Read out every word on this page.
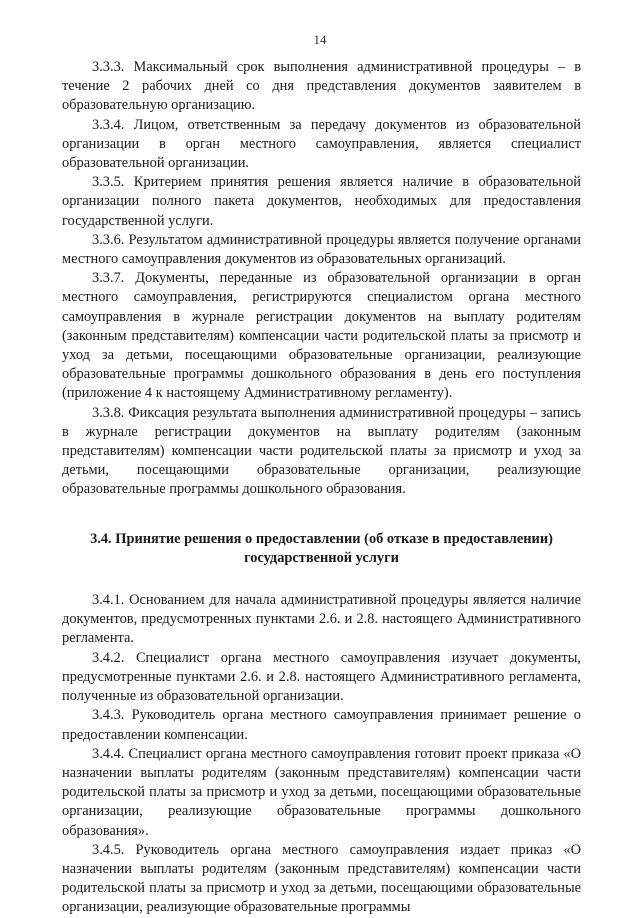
14

3.3.3. Максимальный срок выполнения административной процедуры – в течение 2 рабочих дней со дня представления документов заявителем в образовательную организацию.

3.3.4. Лицом, ответственным за передачу документов из образовательной организации в орган местного самоуправления, является специалист образовательной организации.

3.3.5. Критерием принятия решения является наличие в образовательной организации полного пакета документов, необходимых для предоставления государственной услуги.

3.3.6. Результатом административной процедуры является получение органами местного самоуправления документов из образовательных организаций.

3.3.7. Документы, переданные из образовательной организации в орган местного самоуправления, регистрируются специалистом органа местного самоуправления в журнале регистрации документов на выплату родителям (законным представителям) компенсации части родительской платы за присмотр и уход за детьми, посещающими образовательные организации, реализующие образовательные программы дошкольного образования в день его поступления (приложение 4 к настоящему Административному регламенту).

3.3.8. Фиксация результата выполнения административной процедуры – запись в журнале регистрации документов на выплату родителям (законным представителям) компенсации части родительской платы за присмотр и уход за детьми, посещающими образовательные организации, реализующие образовательные программы дошкольного образования.

3.4. Принятие решения о предоставлении (об отказе в предоставлении) государственной услуги

3.4.1. Основанием для начала административной процедуры является наличие документов, предусмотренных пунктами 2.6. и 2.8. настоящего Административного регламента.

3.4.2. Специалист органа местного самоуправления изучает документы, предусмотренные пунктами 2.6. и 2.8. настоящего Административного регламента, полученные из образовательной организации.

3.4.3. Руководитель органа местного самоуправления принимает решение о предоставлении компенсации.

3.4.4. Специалист органа местного самоуправления готовит проект приказа «О назначении выплаты родителям (законным представителям) компенсации части родительской платы за присмотр и уход за детьми, посещающими образовательные организации, реализующие образовательные программы дошкольного образования».

3.4.5. Руководитель органа местного самоуправления издает приказ «О назначении выплаты родителям (законным представителям) компенсации части родительской платы за присмотр и уход за детьми, посещающими образовательные организации, реализующие образовательные программы
